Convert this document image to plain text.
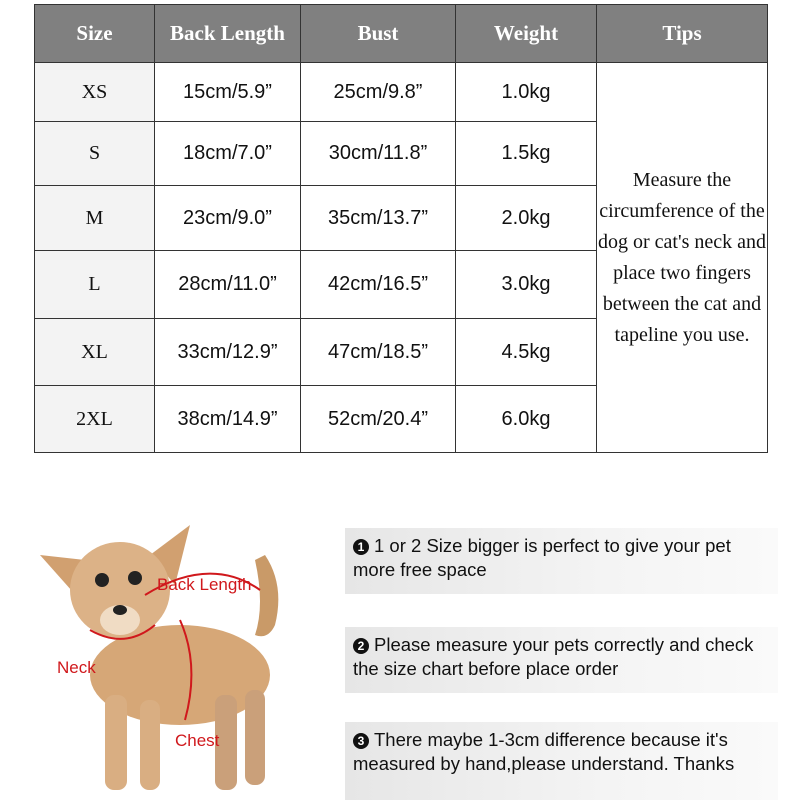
Size	Back Length	Bust	Weight	Tips
XS	15cm/5.9”	25cm/9.8”	1.0kg	Measure the circumference of the dog or cat's neck and place two fingers between the cat and tapeline you use.
S	18cm/7.0”	30cm/11.8”	1.5kg	
M	23cm/9.0”	35cm/13.7”	2.0kg	
L	28cm/11.0”	42cm/16.5”	3.0kg	
XL	33cm/12.9”	47cm/18.5”	4.5kg	
2XL	38cm/14.9”	52cm/20.4”	6.0kg	
Back Length
Neck
Chest
1 1 or 2 Size bigger is perfect to give your pet more free space
2 Please measure your pets correctly and check the size chart before place order
3 There maybe 1-3cm difference because it's measured by hand,please understand. Thanks
